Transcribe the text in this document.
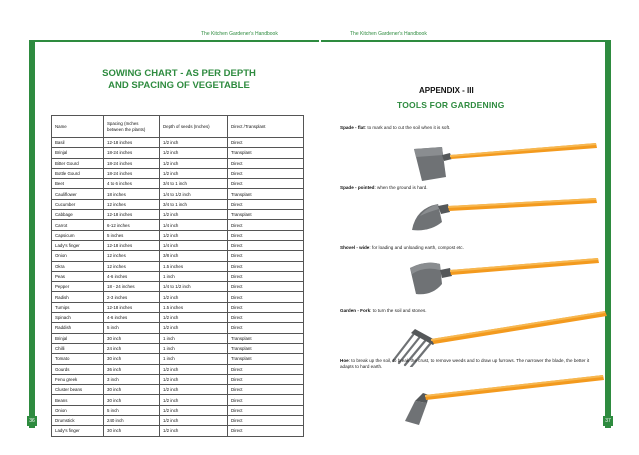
The Kitchen Gardener's Handbook
SOWING CHART - AS PER DEPTH
AND SPACING OF VEGETABLE
Name	Spacing (Inches between the plants)	Depth of seeds (Inches)	Direct /Transplant
Basil	12-18 inches	1/2 inch	Direct
Brinjal	18-24 inches	1/2 inch	Transplant
Bitter Gourd	18-24 inches	1/2 inch	Direct
Bottle Gourd	18-24 inches	1/2 inch	Direct
Beet	4 to 6 inches	3/4 to 1 inch	Direct
Cauliflower	18 inches	1/4 to 1/2 inch	Transplant
Cucumber	12 inches	3/4 to 1 inch	Direct
Cabbage	12-18 inches	1/2 inch	Transplant
Carrot	6-12 inches	1/4 inch	Direct
Capsicum	5 inches	1/2 inch	Direct
Lady's finger	12-18 inches	1/4 inch	Direct
Onion	12 inches	3/8 inch	Direct
Okra	12 inches	1.5 inches	Direct
Peas	4-6 inches	1 inch	Direct
Pepper	18 - 24 inches	1/4 to 1/2 inch	Direct
Radish	2-3 inches	1/2 inch	Direct
Turnips	12-18 inches	1.5 inches	Direct
Spinach	4-6 inches	1/2 inch	Direct
Raddish	5 inch	1/2 inch	Direct
Brinjal	30 inch	1 inch	Transplant
Chilli	24 inch	1 inch	Transplant
Tomato	30 inch	1 inch	Transplant
Gourds	36 inch	1/2 inch	Direct
Fenu greek	3 inch	1/2 inch	Direct
Cluster beans	30 inch	1/2 inch	Direct
Beans	30 inch	1/2 inch	Direct
Onion	5 inch	1/2 inch	Direct
Drumstick	240 inch	1/2 inch	Direct
Lady's finger	30 inch	1/2 inch	Direct
36
The Kitchen Gardener's Handbook
APPENDIX - III
TOOLS FOR GARDENING
Spade - flat: to mark and to cut the soil when it is soft.
Spade - pointed: when the ground is hard.
Shovel - wide: for loading and unloading earth, compost etc.
Garden - Fork: to turn the soil and stones.
Hoe: to break up the soil, to break the crust, to remove weeds and to draw up furrows. The narrower the blade, the better it adapts to hard earth.
37
